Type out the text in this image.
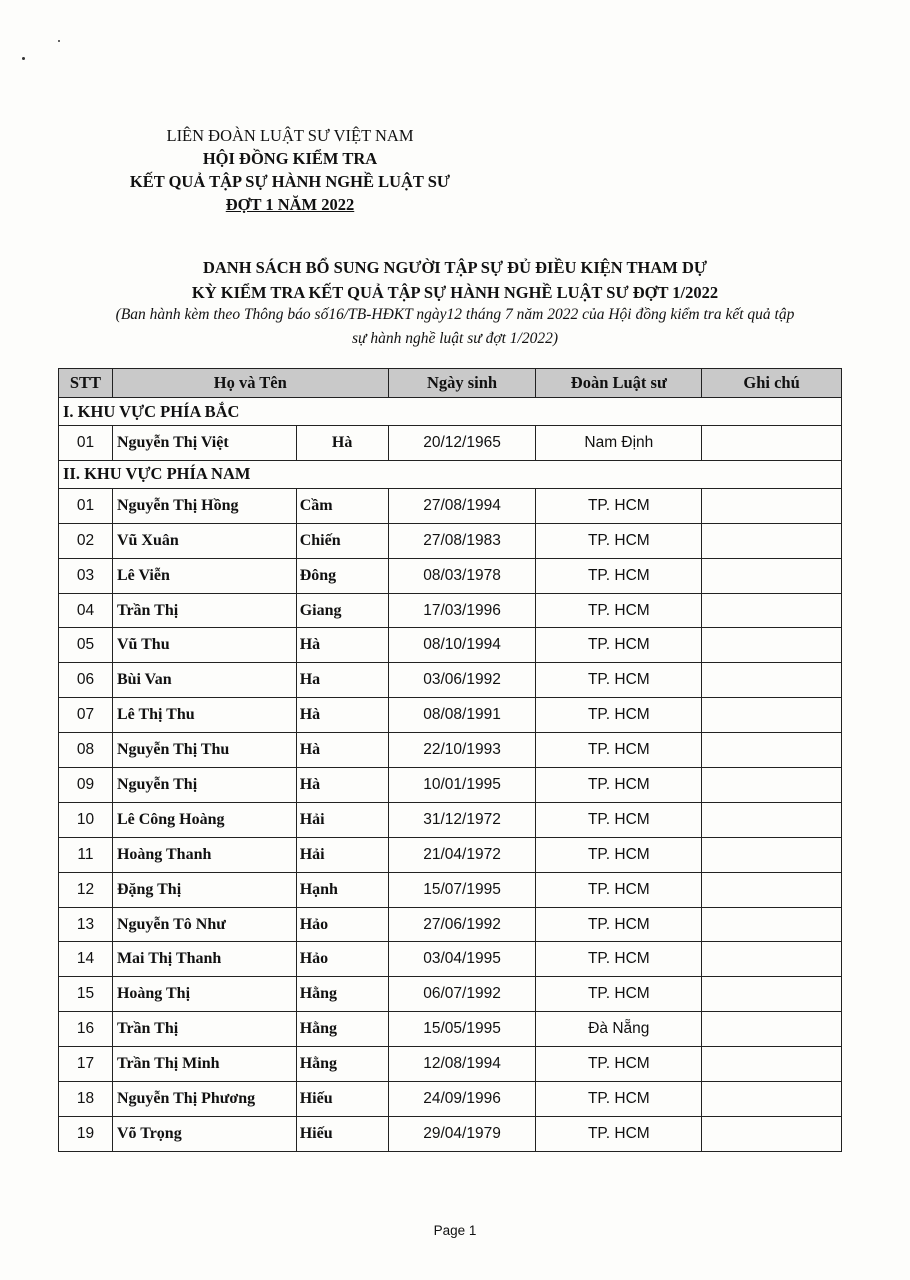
LIÊN ĐOÀN LUẬT SƯ VIỆT NAM
HỘI ĐỒNG KIỂM TRA
KẾT QUẢ TẬP SỰ HÀNH NGHỀ LUẬT SƯ
ĐỢT 1 NĂM 2022
DANH SÁCH BỔ SUNG NGƯỜI TẬP SỰ ĐỦ ĐIỀU KIỆN THAM DỰ
KỲ KIỂM TRA KẾT QUẢ TẬP SỰ HÀNH NGHỀ LUẬT SƯ ĐỢT 1/2022
(Ban hành kèm theo Thông báo số16/TB-HĐKT ngày12 tháng 7 năm 2022 của Hội đồng kiểm tra kết quả tập
sự hành nghề luật sư đợt 1/2022)
STT	Họ và Tên		Ngày sinh	Đoàn Luật sư	Ghi chú
I. KHU VỰC PHÍA BẮC					
01	Nguyễn Thị Việt	Hà	20/12/1965	Nam Định	
II. KHU VỰC PHÍA NAM					
01	Nguyễn Thị Hồng	Cầm	27/08/1994	TP. HCM	
02	Vũ Xuân	Chiến	27/08/1983	TP. HCM	
03	Lê Viễn	Đông	08/03/1978	TP. HCM	
04	Trần Thị	Giang	17/03/1996	TP. HCM	
05	Vũ Thu	Hà	08/10/1994	TP. HCM	
06	Bùi Van	Ha	03/06/1992	TP. HCM	
07	Lê Thị Thu	Hà	08/08/1991	TP. HCM	
08	Nguyễn Thị Thu	Hà	22/10/1993	TP. HCM	
09	Nguyễn Thị	Hà	10/01/1995	TP. HCM	
10	Lê Công Hoàng	Hải	31/12/1972	TP. HCM	
11	Hoàng Thanh	Hải	21/04/1972	TP. HCM	
12	Đặng Thị	Hạnh	15/07/1995	TP. HCM	
13	Nguyễn Tô Như	Hảo	27/06/1992	TP. HCM	
14	Mai Thị Thanh	Hảo	03/04/1995	TP. HCM	
15	Hoàng Thị	Hằng	06/07/1992	TP. HCM	
16	Trần Thị	Hằng	15/05/1995	Đà Nẵng	
17	Trần Thị Minh	Hằng	12/08/1994	TP. HCM	
18	Nguyễn Thị Phương	Hiếu	24/09/1996	TP. HCM	
19	Võ Trọng	Hiếu	29/04/1979	TP. HCM	
Page 1
